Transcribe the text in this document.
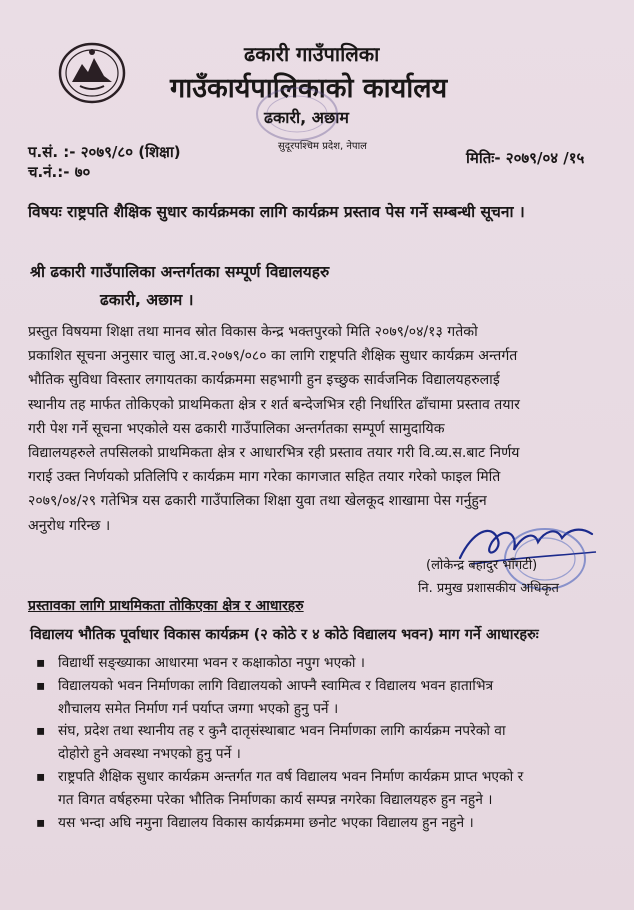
ढकारी गाउँपालिका
गाउँकार्यपालिकाको कार्यालय
ढकारी, अछाम
सुदूरपश्चिम प्रदेश, नेपाल
प.सं. :- २०७९/८० (शिक्षा)
च.नं.:- ७०
मितिः- २०७९/०४ /१५
विषयः राष्ट्रपति शैक्षिक सुधार कार्यक्रमका लागि कार्यक्रम प्रस्ताव पेस गर्ने सम्बन्धी सूचना ।
श्री ढकारी गाउँपालिका अन्तर्गतका सम्पूर्ण विद्यालयहरु
ढकारी, अछाम ।
प्रस्तुत विषयमा शिक्षा तथा मानव स्रोत विकास केन्द्र भक्तपुरको मिति २०७९/०४/१३ गतेको
प्रकाशित सूचना अनुसार चालु आ.व.२०७९/०८० का लागि राष्ट्रपति शैक्षिक सुधार कार्यक्रम अन्तर्गत
भौतिक सुविधा विस्तार लगायतका कार्यक्रममा सहभागी हुन इच्छुक सार्वजनिक विद्यालयहरुलाई
स्थानीय तह मार्फत तोकिएको प्राथमिकता क्षेत्र र शर्त बन्देजभित्र रही निर्धारित ढाँचामा प्रस्ताव तयार
गरी पेश गर्ने सूचना भएकोले यस ढकारी गाउँपालिका अन्तर्गतका सम्पूर्ण सामुदायिक
विद्यालयहरुले तपसिलको प्राथमिकता क्षेत्र र आधारभित्र रही प्रस्ताव तयार गरी वि.व्य.स.बाट निर्णय
गराई उक्त निर्णयको प्रतिलिपि र कार्यक्रम माग गरेका कागजात सहित तयार गरेको फाइल मिति
२०७९/०४/२९ गतेभित्र यस ढकारी गाउँपालिका शिक्षा युवा तथा खेलकूद शाखामा पेस गर्नुहुन
अनुरोध गरिन्छ ।
(लोकेन्द्र बहादुर भाँगटी)
नि. प्रमुख प्रशासकीय अधिकृत
प्रस्तावका लागि प्राथमिकता तोकिएका क्षेत्र र आधारहरु
विद्यालय भौतिक पूर्वाधार विकास कार्यक्रम (२ कोठे र ४ कोठे विद्यालय भवन) माग गर्ने आधारहरुः
▪ विद्यार्थी सङ्ख्याका आधारमा भवन र कक्षाकोठा नपुग भएको ।
▪ विद्यालयको भवन निर्माणका लागि विद्यालयको आफ्नै स्वामित्व र विद्यालय भवन हाताभित्र
शौचालय समेत निर्माण गर्न पर्याप्त जग्गा भएको हुनु पर्ने ।
▪ संघ, प्रदेश तथा स्थानीय तह र कुनै दातृसंस्थाबाट भवन निर्माणका लागि कार्यक्रम नपरेको वा
दोहोरो हुने अवस्था नभएको हुनु पर्ने ।
▪ राष्ट्रपति शैक्षिक सुधार कार्यक्रम अन्तर्गत गत वर्ष विद्यालय भवन निर्माण कार्यक्रम प्राप्त भएको र
गत विगत वर्षहरुमा परेका भौतिक निर्माणका कार्य सम्पन्न नगरेका विद्यालयहरु हुन नहुने ।
▪ यस भन्दा अघि नमुना विद्यालय विकास कार्यक्रममा छनोट भएका विद्यालय हुन नहुने ।
